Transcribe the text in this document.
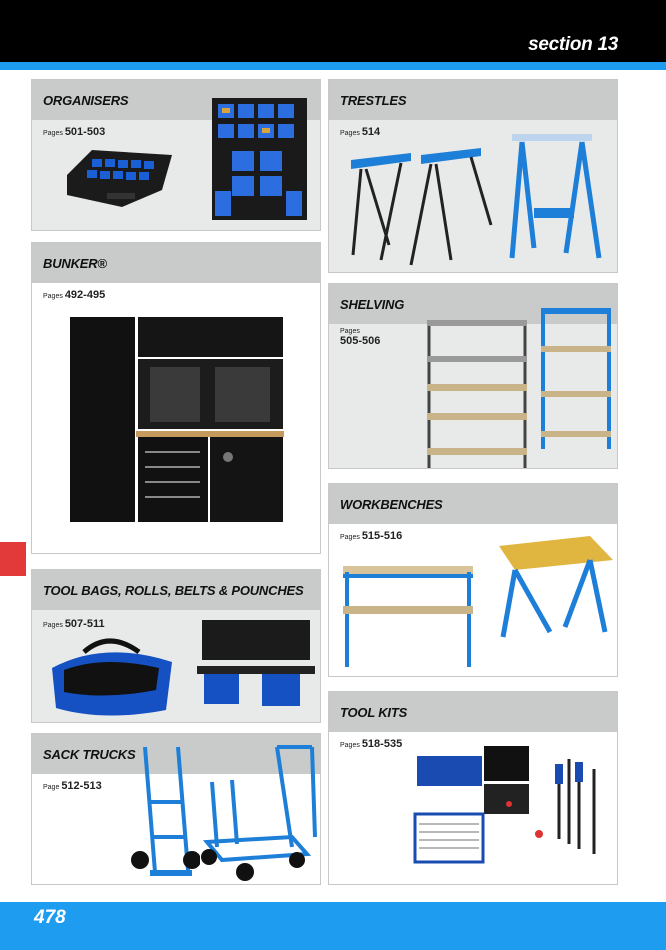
section 13
ORGANISERS
Pages 501-503
TRESTLES
Pages 514
BUNKER®
Pages 492-495
SHELVING
Pages
505-506
WORKBENCHES
Pages 515-516
TOOL BAGS, ROLLS, BELTS & POUNCHES
Pages 507-511
TOOL KITS
Pages 518-535
SACK TRUCKS
Page 512-513
478
